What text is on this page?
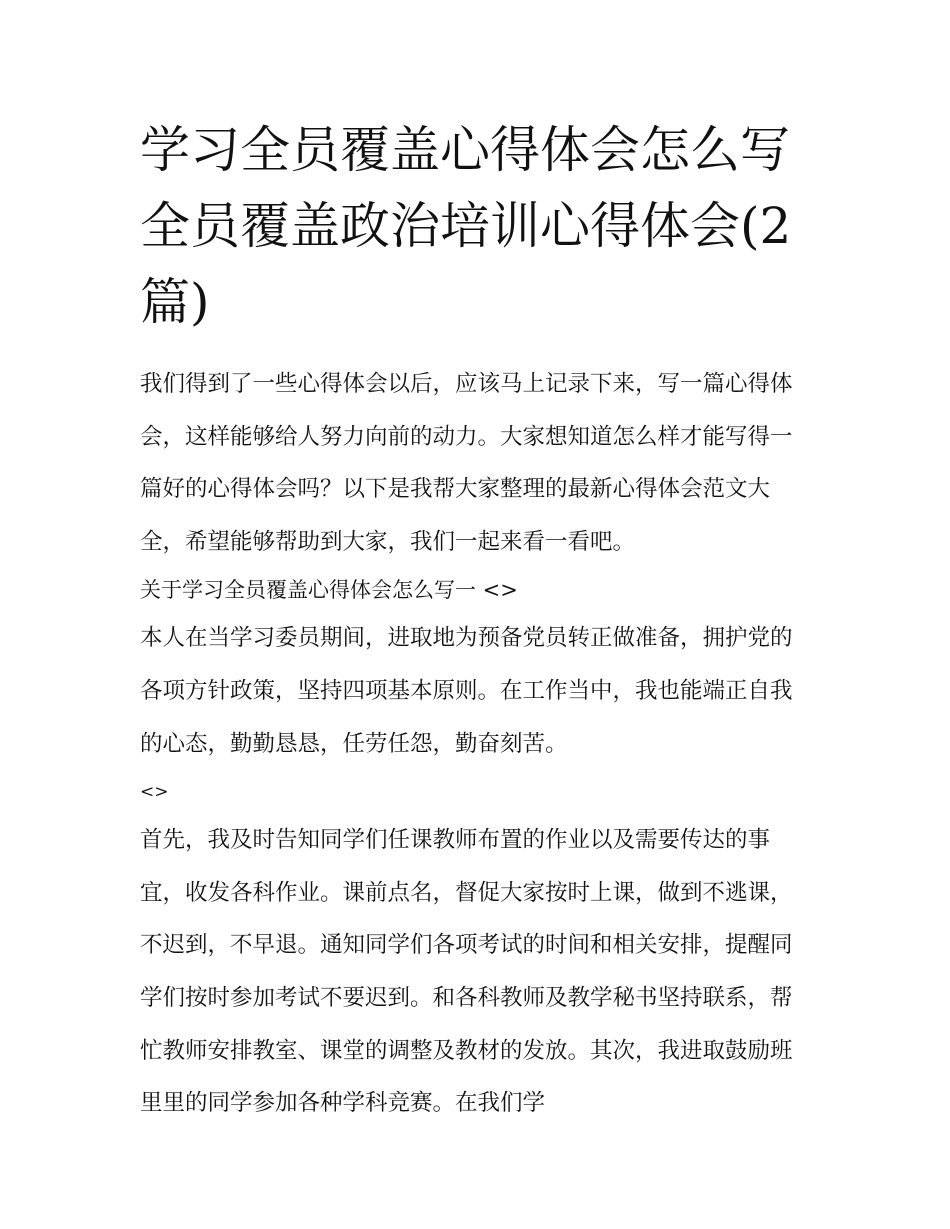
学习全员覆盖心得体会怎么写全员覆盖政治培训心得体会(2篇)

我们得到了一些心得体会以后，应该马上记录下来，写一篇心得体会，这样能够给人努力向前的动力。大家想知道怎么样才能写得一篇好的心得体会吗？以下是我帮大家整理的最新心得体会范文大全，希望能够帮助到大家，我们一起来看一看吧。

关于学习全员覆盖心得体会怎么写一 <>

本人在当学习委员期间，进取地为预备党员转正做准备，拥护党的各项方针政策，坚持四项基本原则。在工作当中，我也能端正自我的心态，勤勤恳恳，任劳任怨，勤奋刻苦。

<>

首先，我及时告知同学们任课教师布置的作业以及需要传达的事宜，收发各科作业。课前点名，督促大家按时上课，做到不逃课，不迟到，不早退。通知同学们各项考试的时间和相关安排，提醒同学们按时参加考试不要迟到。和各科教师及教学秘书坚持联系，帮忙教师安排教室、课堂的调整及教材的发放。其次，我进取鼓励班里里的同学参加各种学科竞赛。在我们学
